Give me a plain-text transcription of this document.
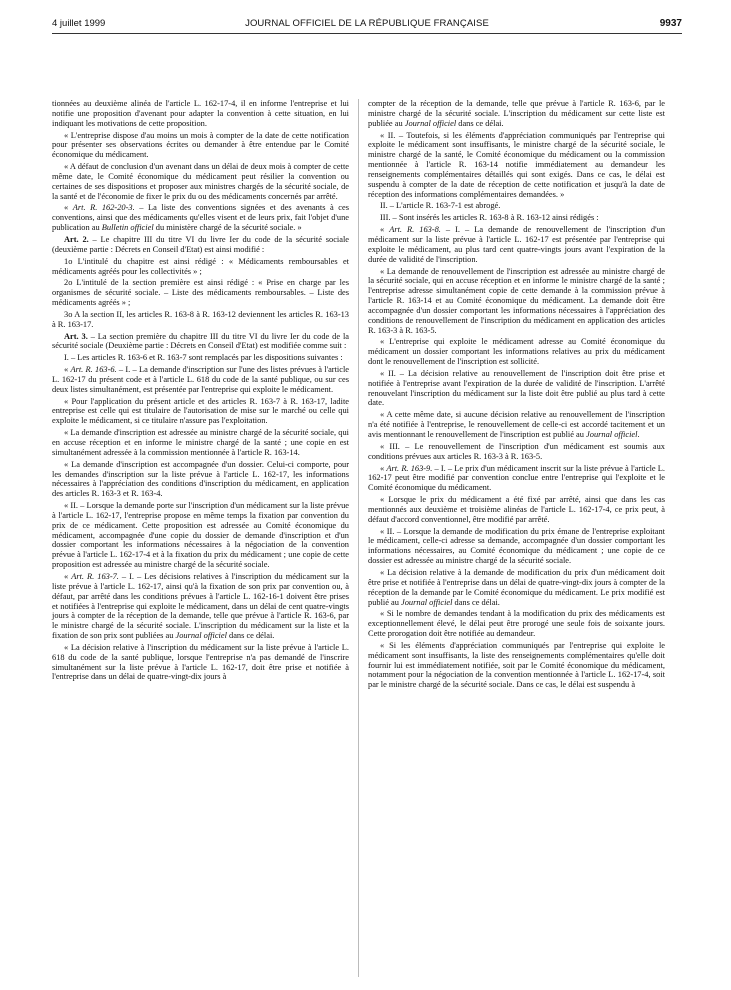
4 juillet 1999	JOURNAL OFFICIEL DE LA RÉPUBLIQUE FRANÇAISE	9937

tionnées au deuxième alinéa de l'article L. 162-17-4, il en informe l'entreprise et lui notifie une proposition d'avenant pour adapter la convention à cette situation, en lui indiquant les motivations de cette proposition.

« L'entreprise dispose d'au moins un mois à compter de la date de cette notification pour présenter ses observations écrites ou demander à être entendue par le Comité économique du médicament.

« A défaut de conclusion d'un avenant dans un délai de deux mois à compter de cette même date, le Comité économique du médicament peut résilier la convention ou certaines de ses dispositions et proposer aux ministres chargés de la sécurité sociale, de la santé et de l'économie de fixer le prix du ou des médicaments concernés par arrêté.

« Art. R. 162-20-3. – La liste des conventions signées et des avenants à ces conventions, ainsi que des médicaments qu'elles visent et de leurs prix, fait l'objet d'une publication au Bulletin officiel du ministère chargé de la sécurité sociale. »

Art. 2. – Le chapitre III du titre VI du livre Ier du code de la sécurité sociale (deuxième partie : Décrets en Conseil d'Etat) est ainsi modifié :

1o L'intitulé du chapitre est ainsi rédigé : « Médicaments remboursables et médicaments agréés pour les collectivités » ;

2o L'intitulé de la section première est ainsi rédigé : « Prise en charge par les organismes de sécurité sociale. – Liste des médicaments remboursables. – Liste des médicaments agréés » ;

3o A la section II, les articles R. 163-8 à R. 163-12 deviennent les articles R. 163-13 à R. 163-17.

Art. 3. – La section première du chapitre III du titre VI du livre Ier du code de la sécurité sociale (Deuxième partie : Décrets en Conseil d'Etat) est modifiée comme suit :

I. – Les articles R. 163-6 et R. 163-7 sont remplacés par les dispositions suivantes :

« Art. R. 163-6. – I. – La demande d'inscription sur l'une des listes prévues à l'article L. 162-17 du présent code et à l'article L. 618 du code de la santé publique, ou sur ces deux listes simultanément, est présentée par l'entreprise qui exploite le médicament.

« Pour l'application du présent article et des articles R. 163-7 à R. 163-17, ladite entreprise est celle qui est titulaire de l'autorisation de mise sur le marché ou celle qui exploite le médicament, si ce titulaire n'assure pas l'exploitation.

« La demande d'inscription est adressée au ministre chargé de la sécurité sociale, qui en accuse réception et en informe le ministre chargé de la santé ; une copie en est simultanément adressée à la commission mentionnée à l'article R. 163-14.

« La demande d'inscription est accompagnée d'un dossier. Celui-ci comporte, pour les demandes d'inscription sur la liste prévue à l'article L. 162-17, les informations nécessaires à l'appréciation des conditions d'inscription du médicament, en application des articles R. 163-3 et R. 163-4.

« II. – Lorsque la demande porte sur l'inscription d'un médicament sur la liste prévue à l'article L. 162-17, l'entreprise propose en même temps la fixation par convention du prix de ce médicament. Cette proposition est adressée au Comité économique du médicament, accompagnée d'une copie du dossier de demande d'inscription et d'un dossier comportant les informations nécessaires à la négociation de la convention prévue à l'article L. 162-17-4 et à la fixation du prix du médicament ; une copie de cette proposition est adressée au ministre chargé de la sécurité sociale.

« Art. R. 163-7. – I. – Les décisions relatives à l'inscription du médicament sur la liste prévue à l'article L. 162-17, ainsi qu'à la fixation de son prix par convention ou, à défaut, par arrêté dans les conditions prévues à l'article L. 162-16-1 doivent être prises et notifiées à l'entreprise qui exploite le médicament, dans un délai de cent quatre-vingts jours à compter de la réception de la demande, telle que prévue à l'article R. 163-6, par le ministre chargé de la sécurité sociale. L'inscription du médicament sur la liste et la fixation de son prix sont publiées au Journal officiel dans ce délai.

« La décision relative à l'inscription du médicament sur la liste prévue à l'article L. 618 du code de la santé publique, lorsque l'entreprise n'a pas demandé de l'inscrire simultanément sur la liste prévue à l'article L. 162-17, doit être prise et notifiée à l'entreprise dans un délai de quatre-vingt-dix jours à

compter de la réception de la demande, telle que prévue à l'article R. 163-6, par le ministre chargé de la sécurité sociale. L'inscription du médicament sur cette liste est publiée au Journal officiel dans ce délai.

« II. – Toutefois, si les éléments d'appréciation communiqués par l'entreprise qui exploite le médicament sont insuffisants, le ministre chargé de la sécurité sociale, le ministre chargé de la santé, le Comité économique du médicament ou la commission mentionnée à l'article R. 163-14 notifie immédiatement au demandeur les renseignements complémentaires détaillés qui sont exigés. Dans ce cas, le délai est suspendu à compter de la date de réception de cette notification et jusqu'à la date de réception des informations complémentaires demandées. »

II. – L'article R. 163-7-1 est abrogé.

III. – Sont insérés les articles R. 163-8 à R. 163-12 ainsi rédigés :

« Art. R. 163-8. – I. – La demande de renouvellement de l'inscription d'un médicament sur la liste prévue à l'article L. 162-17 est présentée par l'entreprise qui exploite le médicament, au plus tard cent quatre-vingts jours avant l'expiration de la durée de validité de l'inscription.

« La demande de renouvellement de l'inscription est adressée au ministre chargé de la sécurité sociale, qui en accuse réception et en informe le ministre chargé de la santé ; l'entreprise adresse simultanément copie de cette demande à la commission prévue à l'article R. 163-14 et au Comité économique du médicament. La demande doit être accompagnée d'un dossier comportant les informations nécessaires à l'appréciation des conditions de renouvellement de l'inscription du médicament en application des articles R. 163-3 à R. 163-5.

« L'entreprise qui exploite le médicament adresse au Comité économique du médicament un dossier comportant les informations relatives au prix du médicament dont le renouvellement de l'inscription est sollicité.

« II. – La décision relative au renouvellement de l'inscription doit être prise et notifiée à l'entreprise avant l'expiration de la durée de validité de l'inscription. L'arrêté renouvelant l'inscription du médicament sur la liste doit être publié au plus tard à cette date.

« A cette même date, si aucune décision relative au renouvellement de l'inscription n'a été notifiée à l'entreprise, le renouvellement de celle-ci est accordé tacitement et un avis mentionnant le renouvellement de l'inscription est publié au Journal officiel.

« III. – Le renouvellement de l'inscription d'un médicament est soumis aux conditions prévues aux articles R. 163-3 à R. 163-5.

« Art. R. 163-9. – I. – Le prix d'un médicament inscrit sur la liste prévue à l'article L. 162-17 peut être modifié par convention conclue entre l'entreprise qui l'exploite et le Comité économique du médicament.

« Lorsque le prix du médicament a été fixé par arrêté, ainsi que dans les cas mentionnés aux deuxième et troisième alinéas de l'article L. 162-17-4, ce prix peut, à défaut d'accord conventionnel, être modifié par arrêté.

« II. – Lorsque la demande de modification du prix émane de l'entreprise exploitant le médicament, celle-ci adresse sa demande, accompagnée d'un dossier comportant les informations nécessaires, au Comité économique du médicament ; une copie de ce dossier est adressée au ministre chargé de la sécurité sociale.

« La décision relative à la demande de modification du prix d'un médicament doit être prise et notifiée à l'entreprise dans un délai de quatre-vingt-dix jours à compter de la réception de la demande par le Comité économique du médicament. Le prix modifié est publié au Journal officiel dans ce délai.

« Si le nombre de demandes tendant à la modification du prix des médicaments est exceptionnellement élevé, le délai peut être prorogé une seule fois de soixante jours. Cette prorogation doit être notifiée au demandeur.

« Si les éléments d'appréciation communiqués par l'entreprise qui exploite le médicament sont insuffisants, la liste des renseignements complémentaires qu'elle doit fournir lui est immédiatement notifiée, soit par le Comité économique du médicament, notamment pour la négociation de la convention mentionnée à l'article L. 162-17-4, soit par le ministre chargé de la sécurité sociale. Dans ce cas, le délai est suspendu à
